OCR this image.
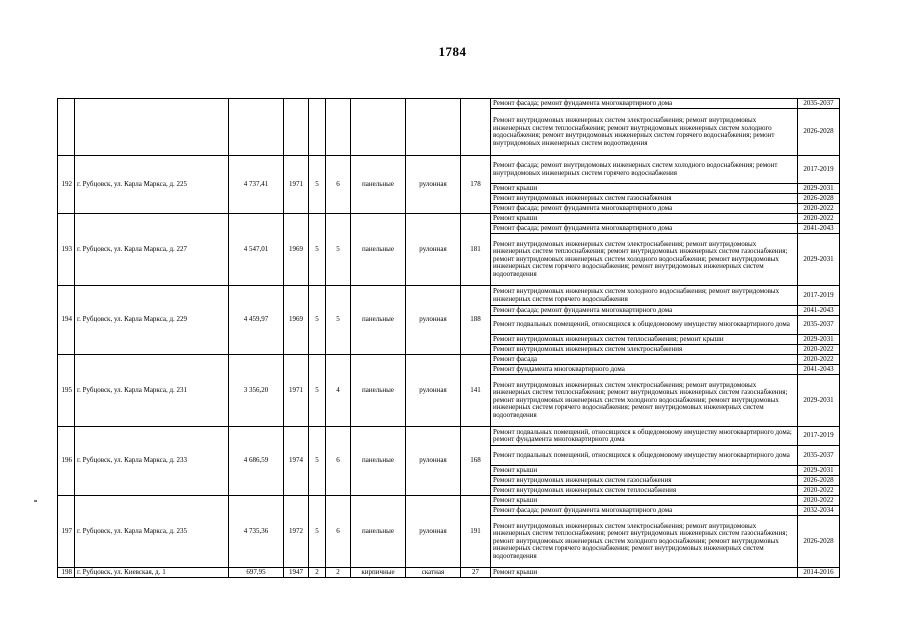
1784
									Ремонт фасада; ремонт фундамента многоквартирного дома	2035-2037
									Ремонт внутридомовых инженерных систем электроснабжения; ремонт внутридомовых инженерных систем теплоснабжения; ремонт внутридомовых инженерных систем холодного водоснабжения; ремонт внутридомовых инженерных систем горячего водоснабжения; ремонт внутридомовых инженерных систем водоотведения	2026-2028
192	г. Рубцовск, ул. Карла Маркса, д. 225	4 737,41	1971	5	6	панельные	рулонная	178	Ремонт фасада; ремонт внутридомовых инженерных систем холодного водоснабжения; ремонт внутридомовых инженерных систем горячего водоснабжения	2017-2019
									Ремонт крыши	2029-2031
									Ремонт внутридомовых инженерных систем газоснабжения	2026-2028
									Ремонт фасада; ремонт фундамента многоквартирного дома	2020-2022
193	г. Рубцовск, ул. Карла Маркса, д. 227	4 547,01	1969	5	5	панельные	рулонная	181	Ремонт крыши	2020-2022
									Ремонт фасада; ремонт фундамента многоквартирного дома	2041-2043
									Ремонт внутридомовых инженерных систем электроснабжения; ремонт внутридомовых инженерных систем теплоснабжения; ремонт внутридомовых инженерных систем газоснабжения; ремонт внутридомовых инженерных систем холодного водоснабжения; ремонт внутридомовых инженерных систем горячего водоснабжения; ремонт внутридомовых инженерных систем водоотведения	2029-2031
194	г. Рубцовск, ул. Карла Маркса, д. 229	4 459,97	1969	5	5	панельные	рулонная	188	Ремонт внутридомовых инженерных систем холодного водоснабжения; ремонт внутридомовых инженерных систем горячего водоснабжения	2017-2019
									Ремонт фасада; ремонт фундамента многоквартирного дома	2041-2043
									Ремонт подвальных помещений, относящихся к общедомовому имуществу многоквартирного дома	2035-2037
									Ремонт внутридомовых инженерных систем теплоснабжения; ремонт крыши	2029-2031
									Ремонт внутридомовых инженерных систем электроснабжения	2020-2022
195	г. Рубцовск, ул. Карла Маркса, д. 231	3 356,20	1971	5	4	панельные	рулонная	141	Ремонт фасада	2020-2022
									Ремонт фундамента многоквартирного дома	2041-2043
									Ремонт внутридомовых инженерных систем электроснабжения; ремонт внутридомовых инженерных систем теплоснабжения; ремонт внутридомовых инженерных систем газоснабжения; ремонт внутридомовых инженерных систем холодного водоснабжения; ремонт внутридомовых инженерных систем горячего водоснабжения; ремонт внутридомовых инженерных систем водоотведения	2029-2031
196	г. Рубцовск, ул. Карла Маркса, д. 233	4 686,59	1974	5	6	панельные	рулонная	168	Ремонт подвальных помещений, относящихся к общедомовому имуществу многоквартирного дома; ремонт фундамента многоквартирного дома	2017-2019
									Ремонт подвальных помещений, относящихся к общедомовому имуществу многоквартирного дома	2035-2037
									Ремонт крыши	2029-2031
									Ремонт внутридомовых инженерных систем газоснабжения	2026-2028
									Ремонт внутридомовых инженерных систем теплоснабжения	2020-2022
197	г. Рубцовск, ул. Карла Маркса, д. 235	4 735,36	1972	5	6	панельные	рулонная	191	Ремонт крыши	2020-2022
									Ремонт фасада; ремонт фундамента многоквартирного дома	2032-2034
									Ремонт внутридомовых инженерных систем электроснабжения; ремонт внутридомовых инженерных систем теплоснабжения; ремонт внутридомовых инженерных систем газоснабжения; ремонт внутридомовых инженерных систем холодного водоснабжения; ремонт внутридомовых инженерных систем горячего водоснабжения; ремонт внутридомовых инженерных систем водоотведения	2026-2028
198	г. Рубцовск, ул. Киевская, д. 1	697,95	1947	2	2	кирпичные	скатная	27	Ремонт крыши	2014-2016
